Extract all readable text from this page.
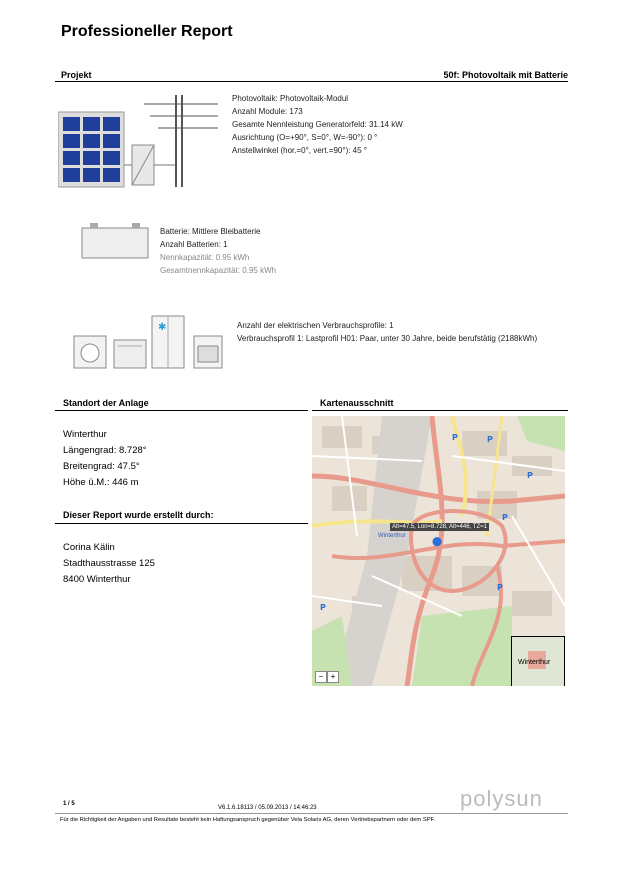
Professioneller Report
Projekt	50f: Photovoltaik mit Batterie
Photovoltaik: Photovoltaik-Modul
Anzahl Module: 173
Gesamte Nennleistung Generatorfeld: 31.14 kW
Ausrichtung (O=+90°, S=0°, W=-90°): 0 °
Anstellwinkel (hor.=0°, vert.=90°): 45 °
Batterie: Mittlere Bleibatterie
Anzahl Batterien: 1
Nennkapazität: 0.95 kWh
Gesamtnennkapazität: 0.95 kWh
✱	Anzahl der elektrischen Verbrauchsprofile: 1
Verbrauchsprofil 1: Lastprofil H01: Paar, unter 30 Jahre, beide berufstätig (2188kWh)
Standort der Anlage
Winterthur
Längengrad: 8.728°
Breitengrad: 47.5°
Höhe ü.M.: 446 m
Dieser Report wurde erstellt durch:
Corina Kälin
Stadthausstrasse 125
8400 Winterthur
Kartenausschnitt
P	P
P
P
P
P
Alt=47.5, Lon=8.728, Alt=446, TZ=1
⬤
Winterthur
− +
Winterthur
1 / 5
V6.1.6.18113 / 05.09.2013 / 14:46:23	polysun
Für die Richtigkeit der Angaben und Resultate besteht kein Haftungsanspruch gegenüber Vela Solaris AG, deren Vertriebspartnern oder dem SPF.
